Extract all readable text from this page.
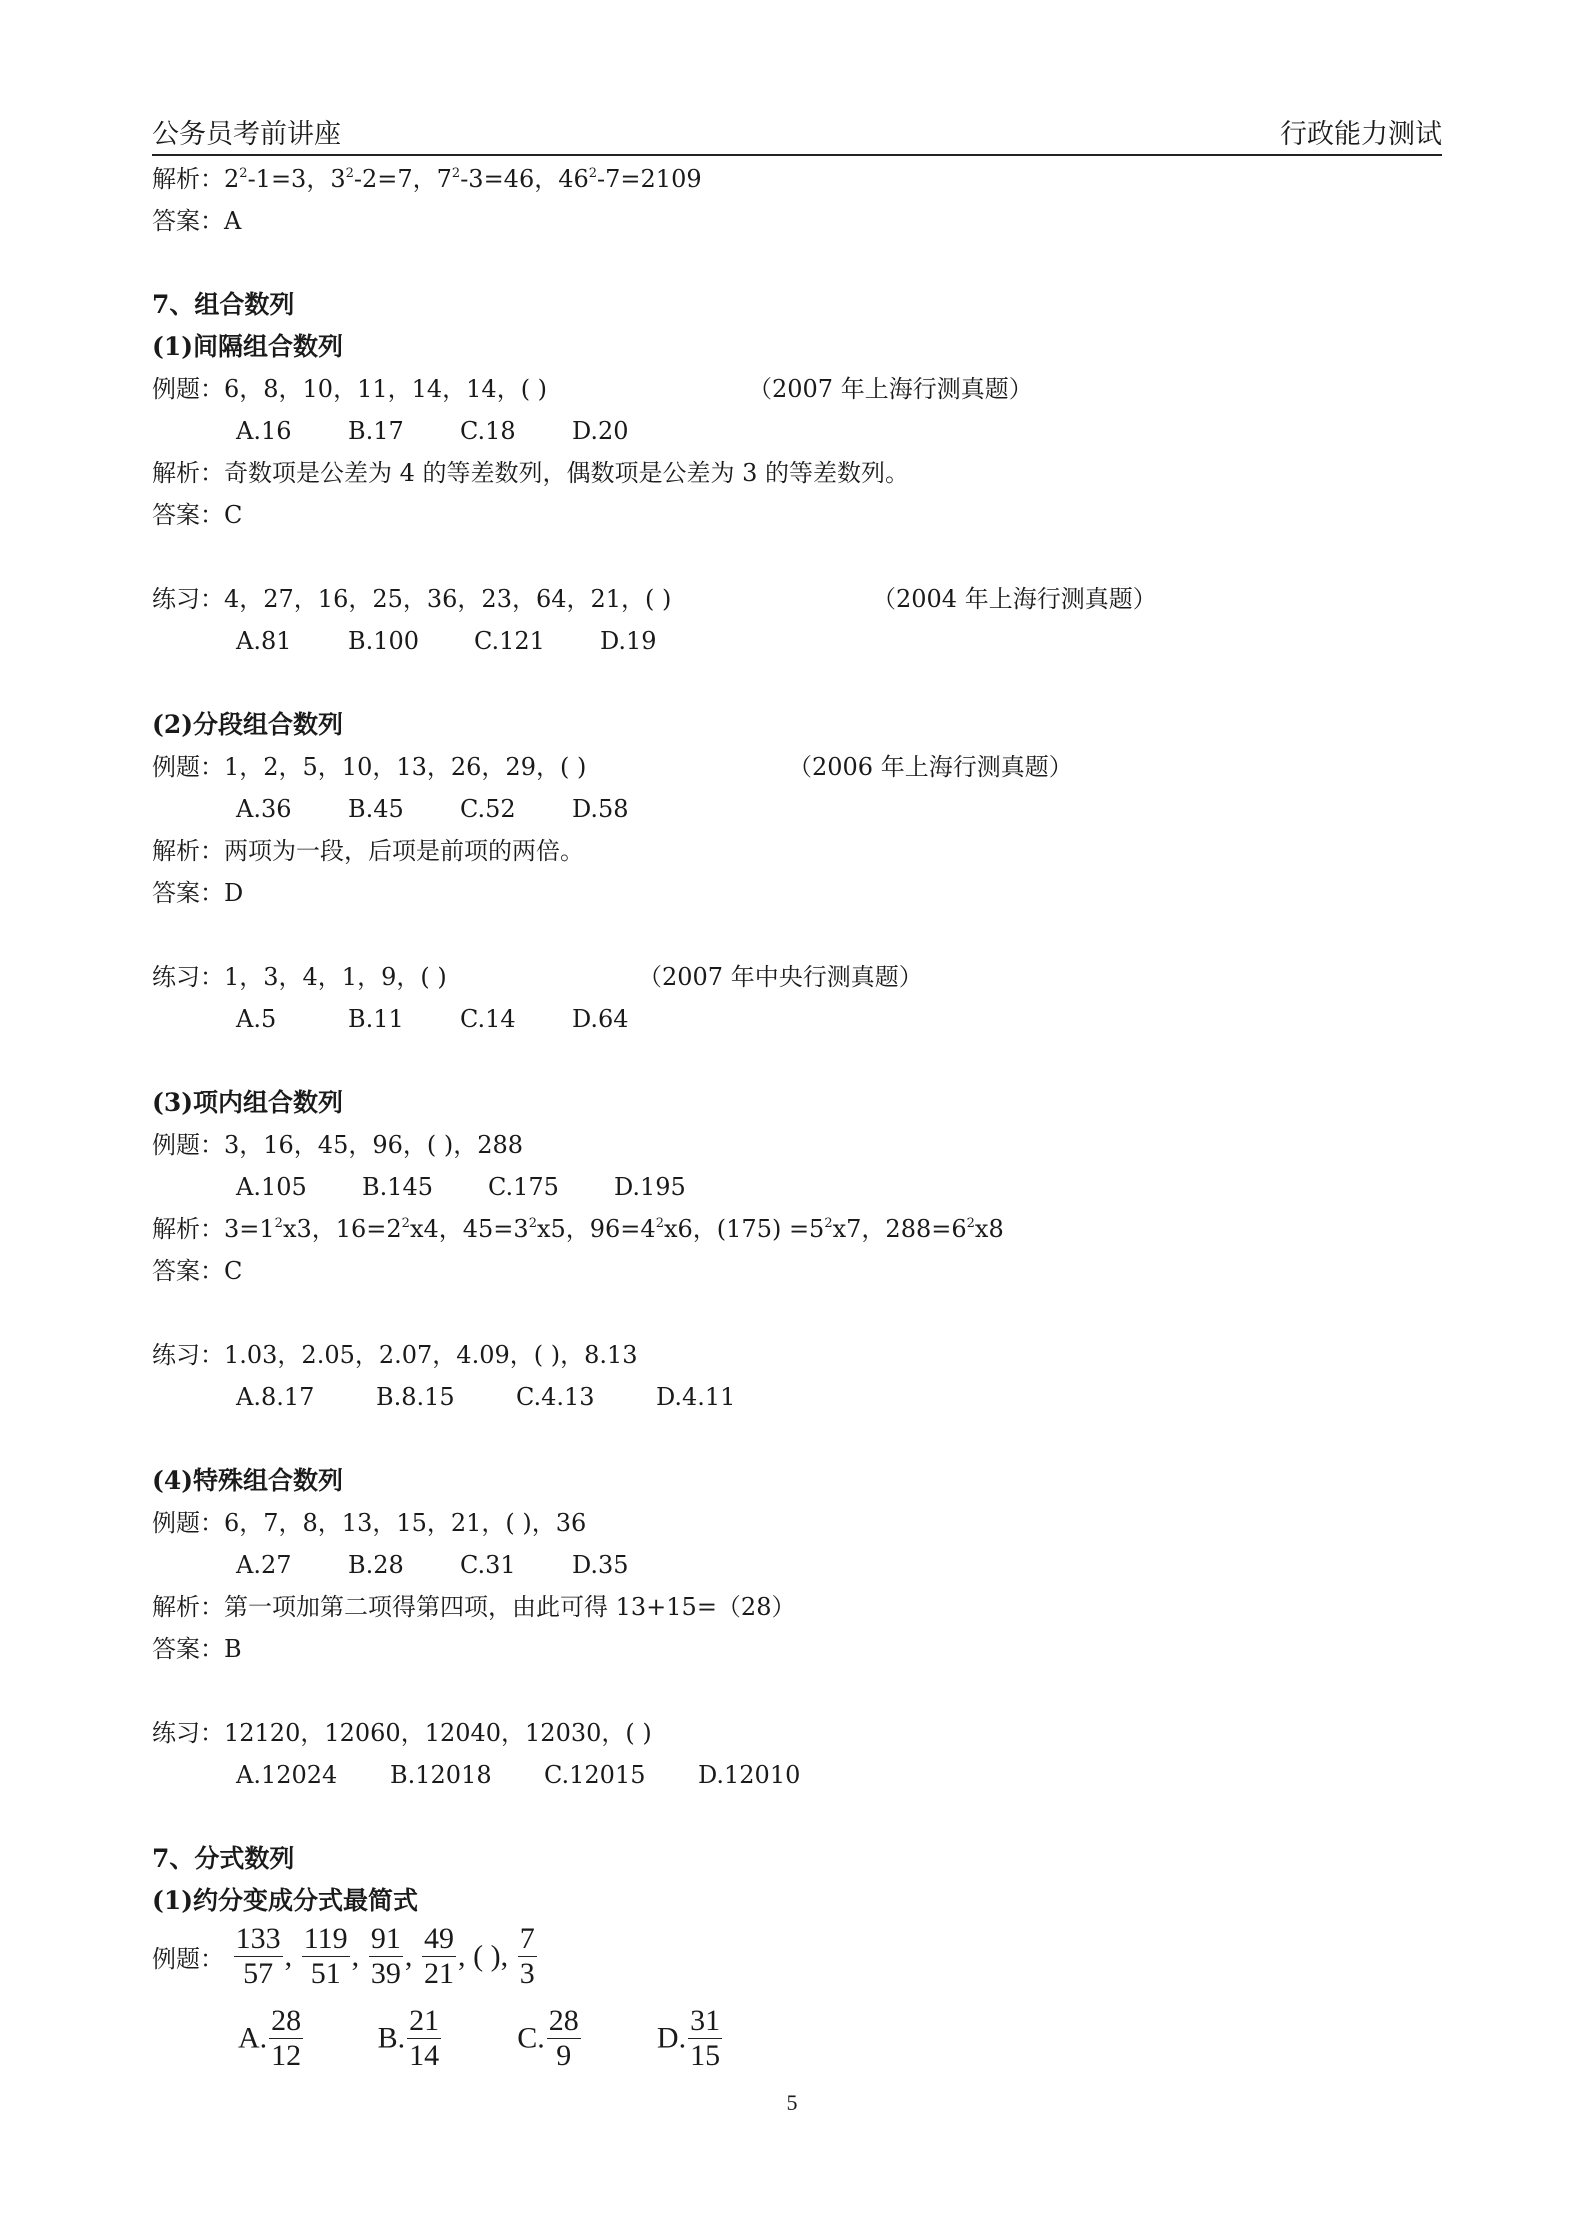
公务员考前讲座	行政能力测试
解析：$2^2-1=3$，$3^2-2=7$，$7^2-3=46$，$46^2-7=2109$
答案：A
7、组合数列
(1)间隔组合数列
例题：6，8，10，11，14，14，( )	（2007 年上海行测真题）
A.16 B.17 C.18 D.20
解析：奇数项是公差为 4 的等差数列，偶数项是公差为 3 的等差数列。
答案：C
练习：4，27，16，25，36，23，64，21，( )	（2004 年上海行测真题）
A.81 B.100 C.121 D.19
(2)分段组合数列
例题：1，2，5，10，13，26，29，( )	（2006 年上海行测真题）
A.36 B.45 C.52 D.58
解析：两项为一段，后项是前项的两倍。
答案：D
练习：1，3，4，1，9，( )	（2007 年中央行测真题）
A.5	B.11 C.14 D.64
(3)项内组合数列
例题：3，16，45，96，( )，288
A.105 B.145 C.175 D.195
解析：$3=1^2x3$，$16=2^2x4$，$45=3^2x5$，$96=4^2x6$，$(175) =5^2x7$，$288=6^2x8$
答案：C
练习：1.03，2.05，2.07，4.09，( )，8.13
A.8.17	B.8.15	C.4.13	D.4.11
(4)特殊组合数列
例题：6，7，8，13，15，21，( )，36
A.27 B.28 C.31 D.35
解析：第一项加第二项得第四项，由此可得 13+15=（28）
答案：B
练习：12120，12060，12040，12030，( )
A.12024 B.12018 C.12015 D.12010
7、分式数列
(1)约分变成分式最简式
例题： $\frac{133}{57}$ , $\frac{119}{51}$ , $\frac{91}{39}$ , $\frac{49}{21}$ , ( ), $\frac{7}{3}$
A. $\frac{28}{12} B$. $\frac{21}{14}$	C. $\frac{28}{9}$	D. $\frac{31}{15}$
5
